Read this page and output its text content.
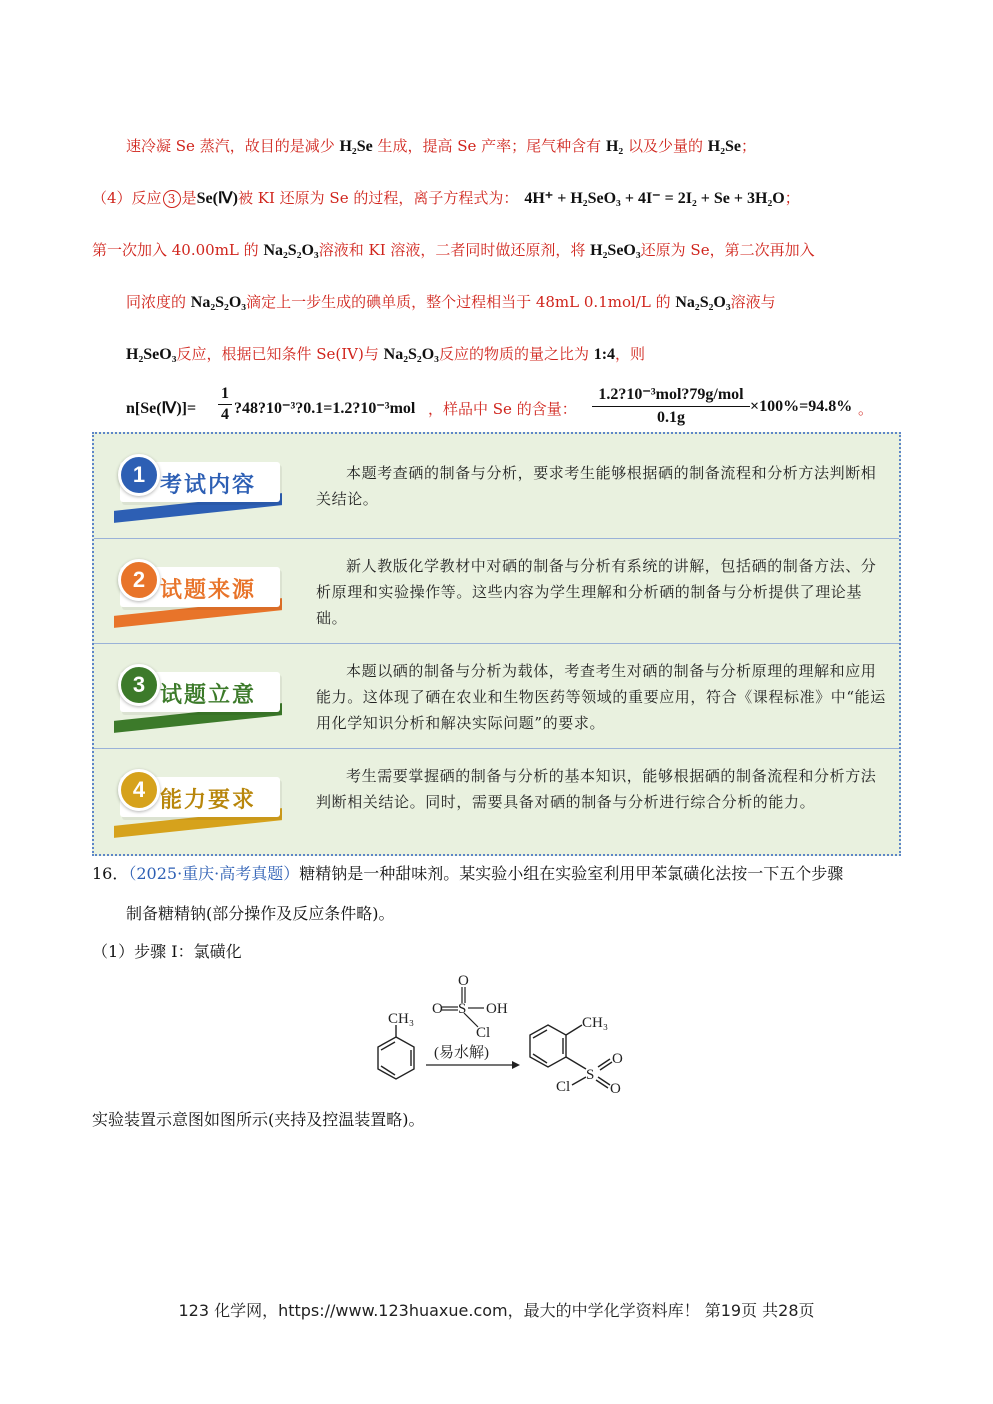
速冷凝 Se 蒸汽，故目的是减少 H₂Se 生成，提高 Se 产率；尾气种含有 H₂ 以及少量的 H₂Se；
（4）反应 3 是Se(Ⅳ)被 KI 还原为 Se 的过程，离子方程式为： 4H⁺ + H₂SeO₃ + 4I⁻ = 2I₂ + Se + 3H₂O；
第一次加入 40.00mL 的 Na₂S₂O₃溶液和 KI 溶液，二者同时做还原剂，将 H₂SeO₃还原为 Se，第二次再加入
同浓度的 Na₂S₂O₃滴定上一步生成的碘单质，整个过程相当于 48mL 0.1mol/L 的 Na₂S₂O₃溶液与
H₂SeO₃反应，根据已知条件 Se(IV)与 Na₂S₂O₃反应的物质的量之比为 1:4，则
n[Se(Ⅳ)]= $\frac{1}{4}$ ?48?10⁻³?0.1=1.2?10⁻³mol ，样品中 Se 的含量：
1.2?10⁻³mol?79g/mol
0.1g
×100%=94.8% 。
1 考试内容	本题考查硒的制备与分析，要求考生能够根据硒的制备流程和分析方法判断相关结论。
2 试题来源
新人教版化学教材中对硒的制备与分析有系统的讲解，包括硒的制备方法、分析原理和实验操作等。这些内容为学生理解和分析硒的制备与分析提供了理论基础。
3 试题立意
本题以硒的制备与分析为载体，考查考生对硒的制备与分析原理的理解和应用能力。这体现了硒在农业和生物医药等领域的重要应用，符合《课程标准》中“能运用化学知识分析和解决实际问题”的要求。
4 能力要求
考生需要掌握硒的制备与分析的基本知识，能够根据硒的制备流程和分析方法判断相关结论。同时，需要具备对硒的制备与分析进行综合分析的能力。
16．（2025·重庆·高考真题）糖精钠是一种甜味剂。某实验小组在实验室利用甲苯氯磺化法按一下五个步骤
制备糖精钠(部分操作及反应条件略)。
（1）步骤 I：氯磺化
CH₃
O
O S OH
Cl
(易水解)
CH₃
S
O
O
Cl
实验装置示意图如图所示(夹持及控温装置略)。
123 化学网，https://www.123huaxue.com，最大的中学化学资料库！ 第19页 共28页
